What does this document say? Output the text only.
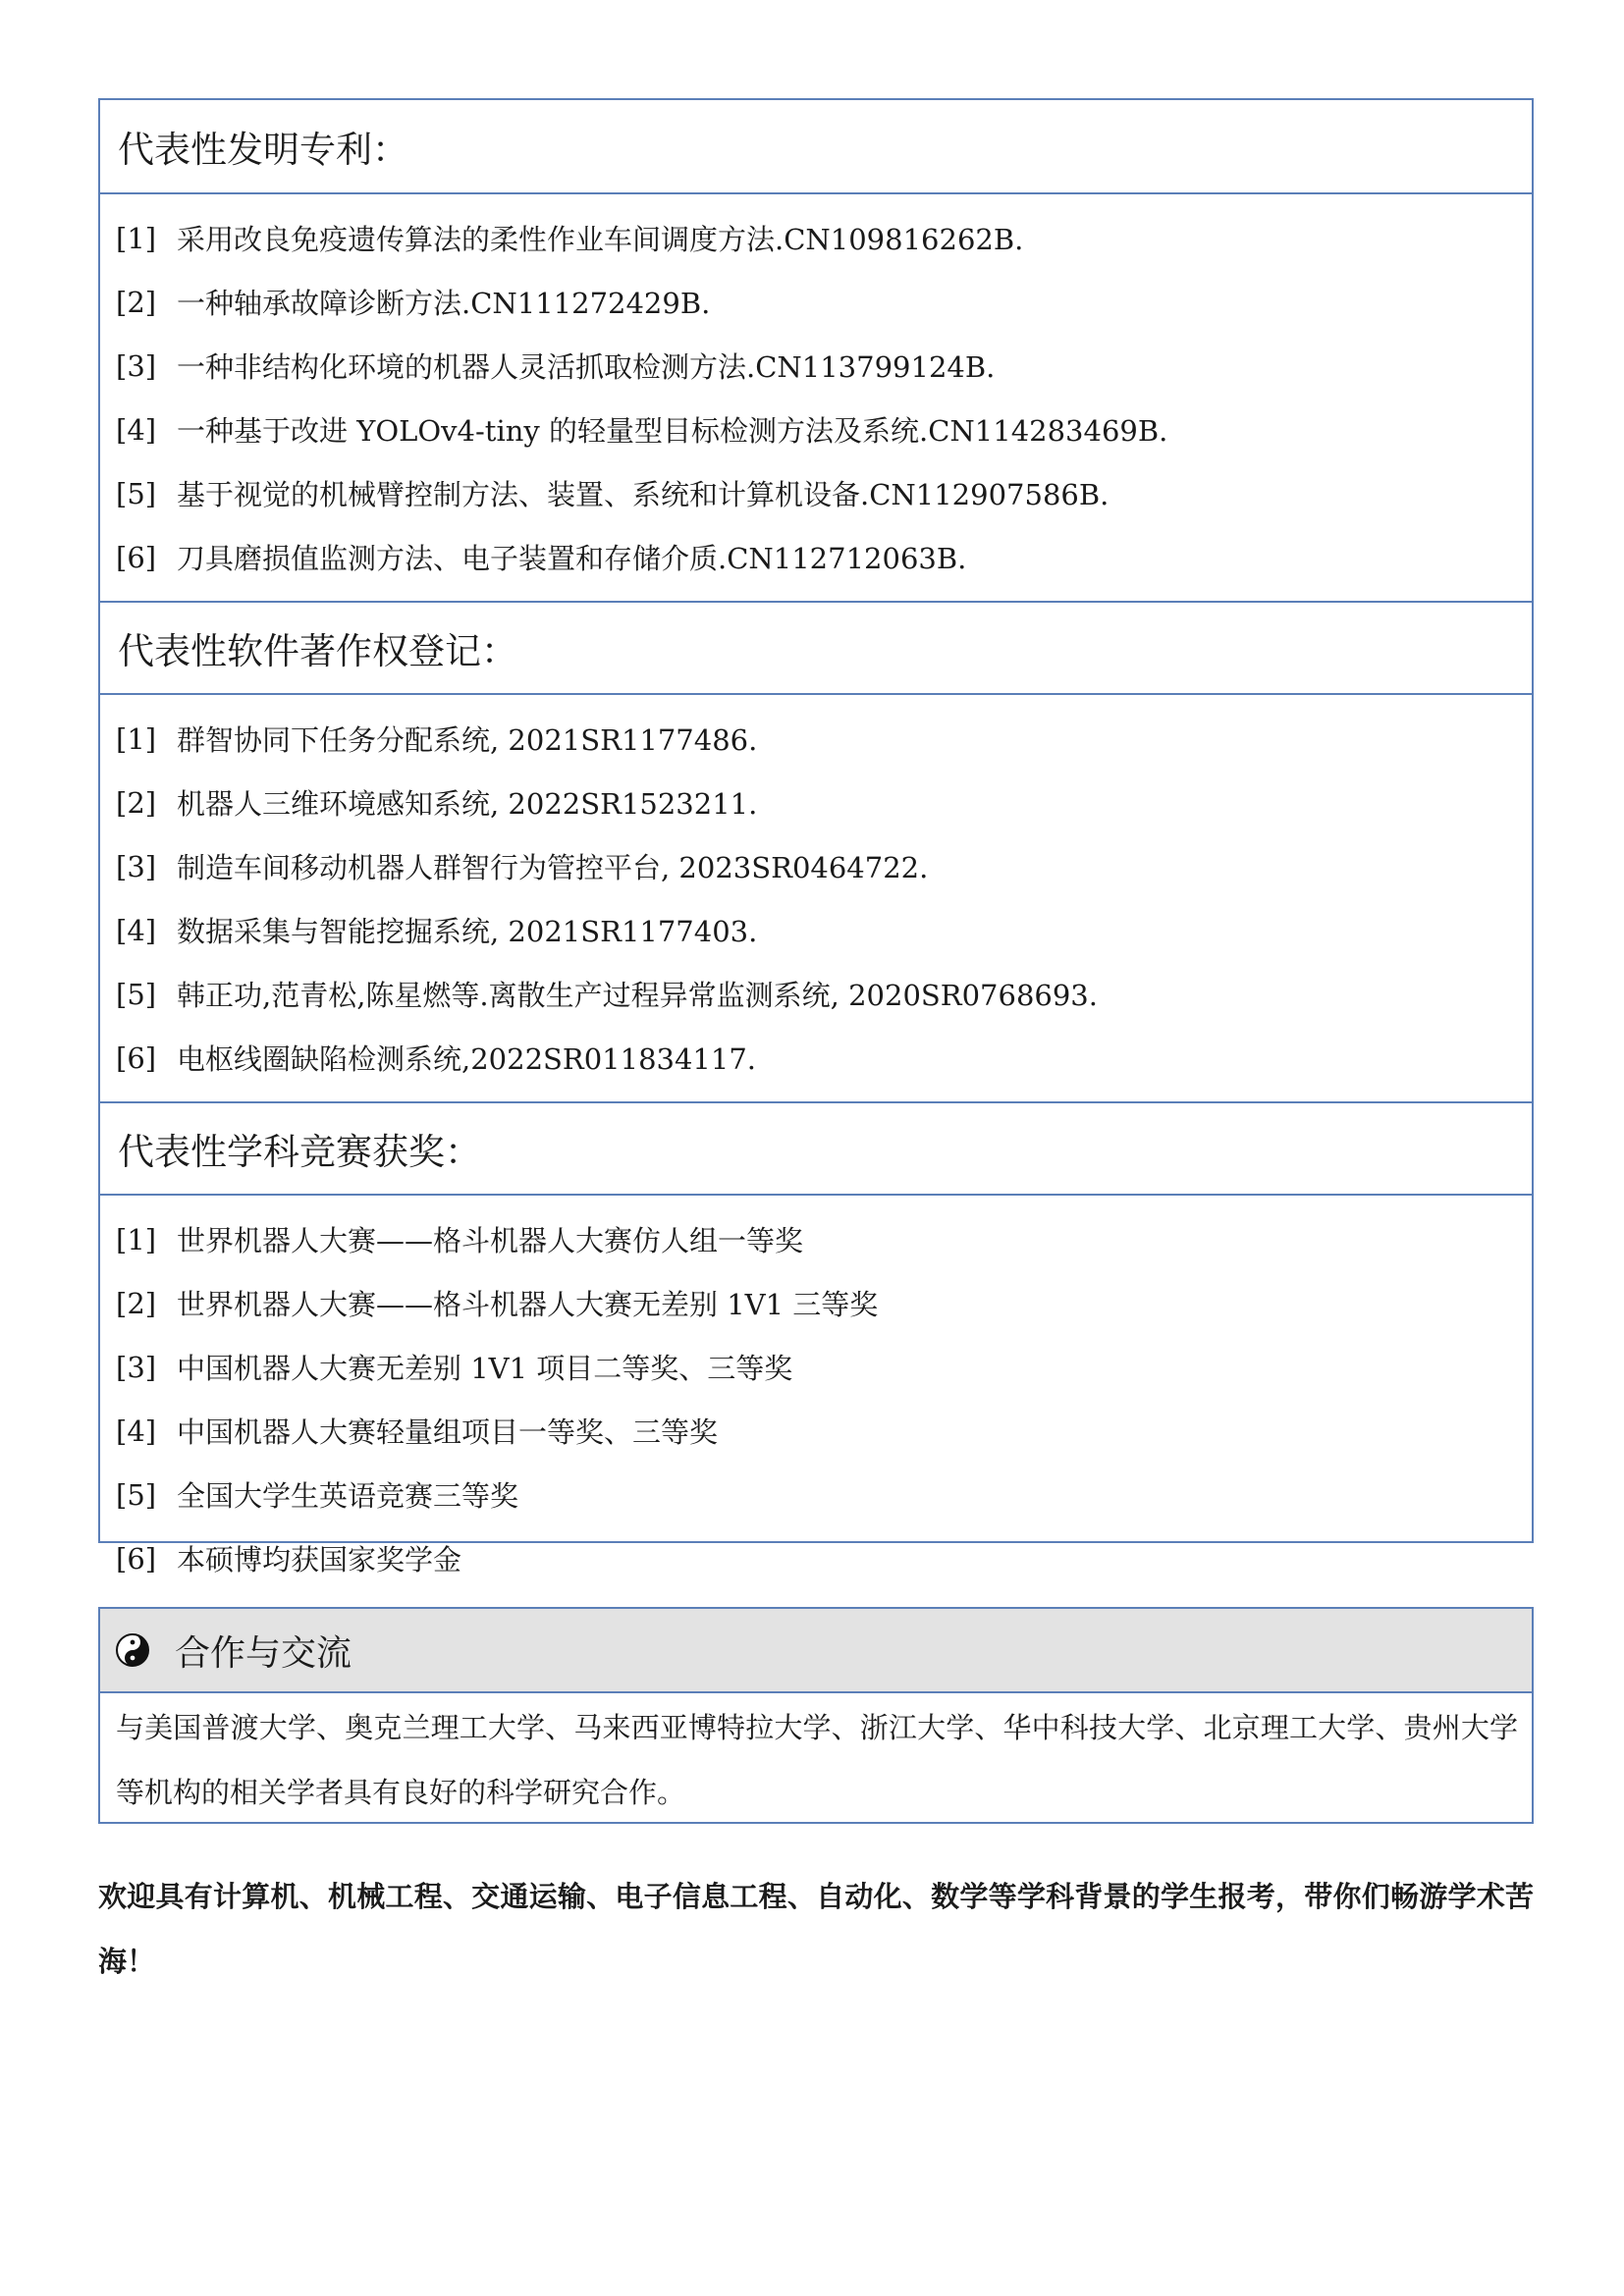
代表性发明专利：
[1] 采用改良免疫遗传算法的柔性作业车间调度方法.CN109816262B.
[2] 一种轴承故障诊断方法.CN111272429B.
[3] 一种非结构化环境的机器人灵活抓取检测方法.CN113799124B.
[4] 一种基于改进 YOLOv4-tiny 的轻量型目标检测方法及系统.CN114283469B.
[5] 基于视觉的机械臂控制方法、装置、系统和计算机设备.CN112907586B.
[6] 刀具磨损值监测方法、电子装置和存储介质.CN112712063B.
代表性软件著作权登记：
[1] 群智协同下任务分配系统, 2021SR1177486.
[2] 机器人三维环境感知系统, 2022SR1523211.
[3] 制造车间移动机器人群智行为管控平台, 2023SR0464722.
[4] 数据采集与智能挖掘系统, 2021SR1177403.
[5] 韩正功,范青松,陈星燃等.离散生产过程异常监测系统, 2020SR0768693.
[6] 电枢线圈缺陷检测系统,2022SR011834117.
代表性学科竞赛获奖：
[1] 世界机器人大赛——格斗机器人大赛仿人组一等奖
[2] 世界机器人大赛——格斗机器人大赛无差别 1V1 三等奖
[3] 中国机器人大赛无差别 1V1 项目二等奖、三等奖
[4] 中国机器人大赛轻量组项目一等奖、三等奖
[5] 全国大学生英语竞赛三等奖
[6] 本硕博均获国家奖学金
合作与交流
与美国普渡大学、奥克兰理工大学、马来西亚博特拉大学、浙江大学、华中科技大学、北京理工大学、贵州大学等机构的相关学者具有良好的科学研究合作。
欢迎具有计算机、机械工程、交通运输、电子信息工程、自动化、数学等学科背景的学生报考，带你们畅游学术苦海！
